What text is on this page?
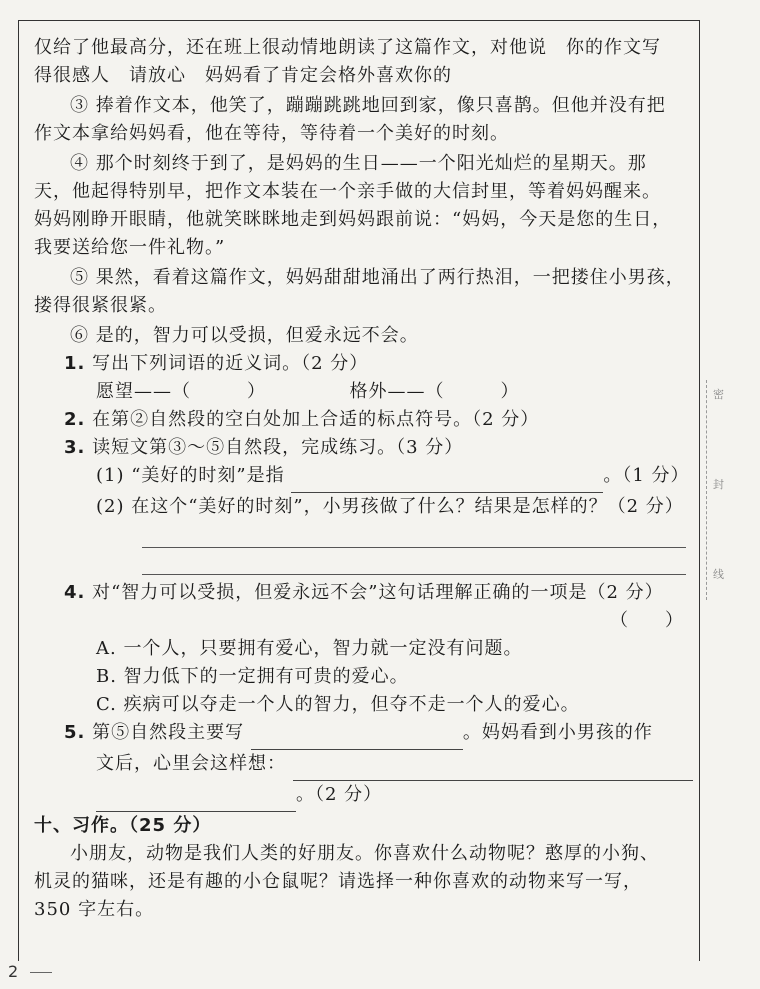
仅给了他最高分，还在班上很动情地朗读了这篇作文，对他说　你的作文写
得很感人　请放心　妈妈看了肯定会格外喜欢你的
③ 捧着作文本，他笑了，蹦蹦跳跳地回到家，像只喜鹊。但他并没有把
作文本拿给妈妈看，他在等待，等待着一个美好的时刻。
④ 那个时刻终于到了，是妈妈的生日——一个阳光灿烂的星期天。那
天，他起得特别早，把作文本装在一个亲手做的大信封里，等着妈妈醒来。
妈妈刚睁开眼睛，他就笑眯眯地走到妈妈跟前说：“妈妈，今天是您的生日，
我要送给您一件礼物。”
⑤ 果然，看着这篇作文，妈妈甜甜地涌出了两行热泪，一把搂住小男孩，
搂得很紧很紧。
⑥ 是的，智力可以受损，但爱永远不会。
1. 写出下列词语的近义词。（2 分）
愿望——（	）	格外——（	）
2. 在第②自然段的空白处加上合适的标点符号。（2 分）
3. 读短文第③～⑤自然段，完成练习。（3 分）
(1) “美好的时刻”是指	。（1 分）
(2) 在这个“美好的时刻”，小男孩做了什么？结果是怎样的？（2 分）
4. 对“智力可以受损，但爱永远不会”这句话理解正确的一项是（2 分）
（ ）
A. 一个人，只要拥有爱心，智力就一定没有问题。
B. 智力低下的一定拥有可贵的爱心。
C. 疾病可以夺走一个人的智力，但夺不走一个人的爱心。
5. 第⑤自然段主要写	。妈妈看到小男孩的作
文后，心里会这样想：
。（2 分）
十、习作。（25 分）
小朋友，动物是我们人类的好朋友。你喜欢什么动物呢？憨厚的小狗、
机灵的猫咪，还是有趣的小仓鼠呢？请选择一种你喜欢的动物来写一写，
350 字左右。
密
封
线
2
